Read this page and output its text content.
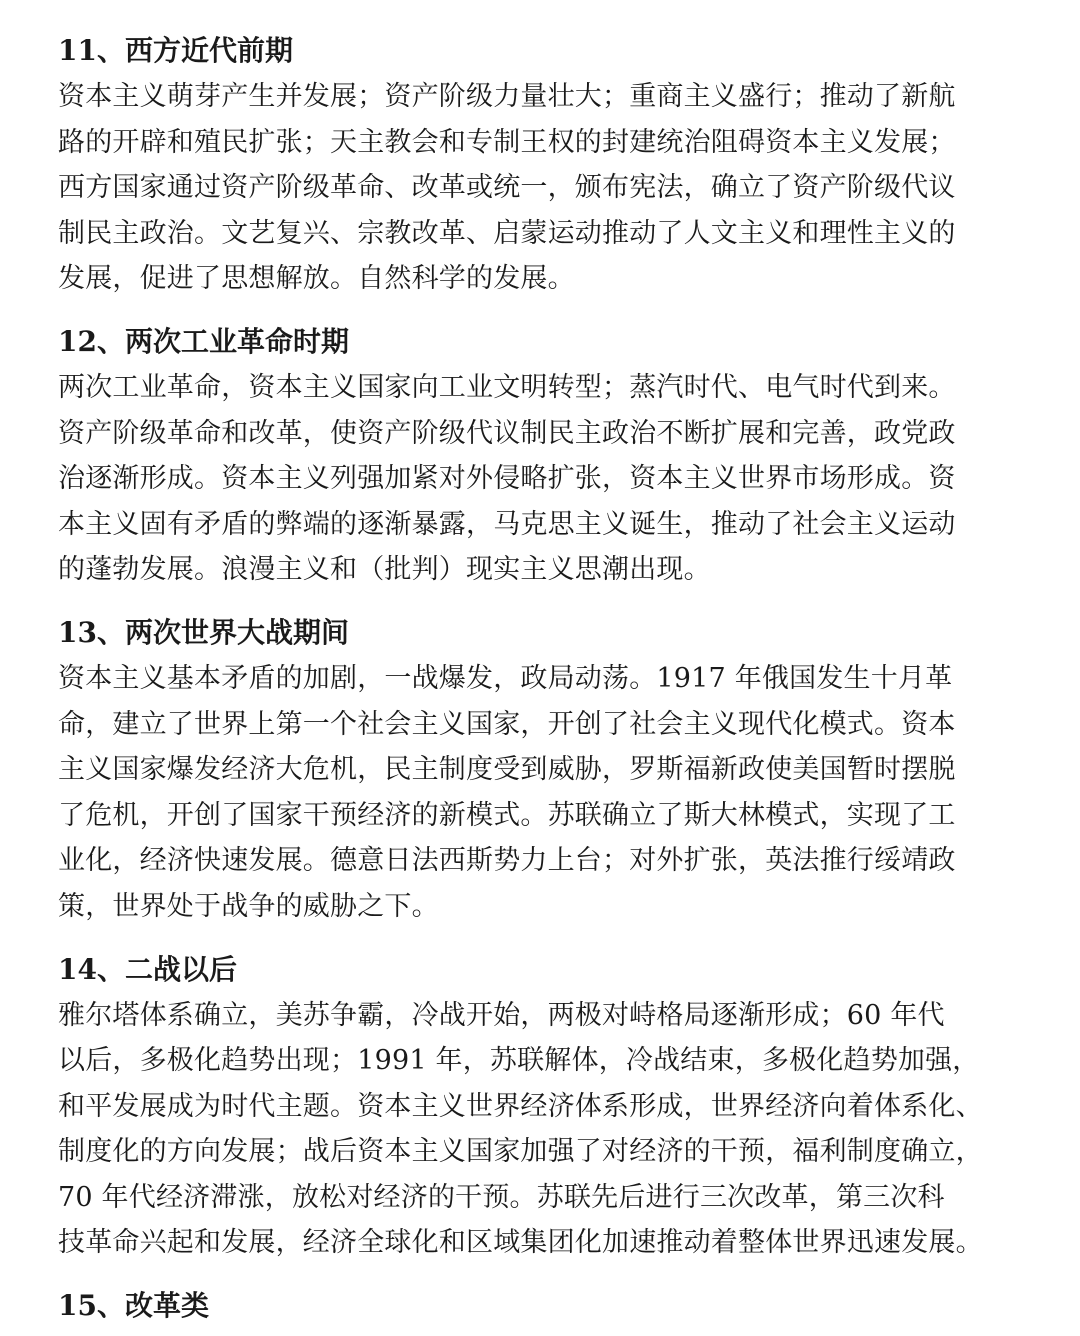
11、西方近代前期

资本主义萌芽产生并发展；资产阶级力量壮大；重商主义盛行；推动了新航

路的开辟和殖民扩张；天主教会和专制王权的封建统治阻碍资本主义发展；

西方国家通过资产阶级革命、改革或统一，颁布宪法，确立了资产阶级代议

制民主政治。文艺复兴、宗教改革、启蒙运动推动了人文主义和理性主义的

发展，促进了思想解放。自然科学的发展。

12、两次工业革命时期

两次工业革命，资本主义国家向工业文明转型；蒸汽时代、电气时代到来。

资产阶级革命和改革，使资产阶级代议制民主政治不断扩展和完善，政党政

治逐渐形成。资本主义列强加紧对外侵略扩张，资本主义世界市场形成。资

本主义固有矛盾的弊端的逐渐暴露，马克思主义诞生，推动了社会主义运动

的蓬勃发展。浪漫主义和（批判）现实主义思潮出现。

13、两次世界大战期间

资本主义基本矛盾的加剧，一战爆发，政局动荡。1917 年俄国发生十月革

命，建立了世界上第一个社会主义国家，开创了社会主义现代化模式。资本

主义国家爆发经济大危机，民主制度受到威胁，罗斯福新政使美国暂时摆脱

了危机，开创了国家干预经济的新模式。苏联确立了斯大林模式，实现了工

业化，经济快速发展。德意日法西斯势力上台；对外扩张，英法推行绥靖政

策，世界处于战争的威胁之下。

14、二战以后

雅尔塔体系确立，美苏争霸，冷战开始，两极对峙格局逐渐形成；60 年代

以后，多极化趋势出现；1991 年，苏联解体，冷战结束，多极化趋势加强，

和平发展成为时代主题。资本主义世界经济体系形成，世界经济向着体系化、

制度化的方向发展；战后资本主义国家加强了对经济的干预，福利制度确立，

70 年代经济滞涨，放松对经济的干预。苏联先后进行三次改革，第三次科

技革命兴起和发展，经济全球化和区域集团化加速推动着整体世界迅速发展。

15、改革类
